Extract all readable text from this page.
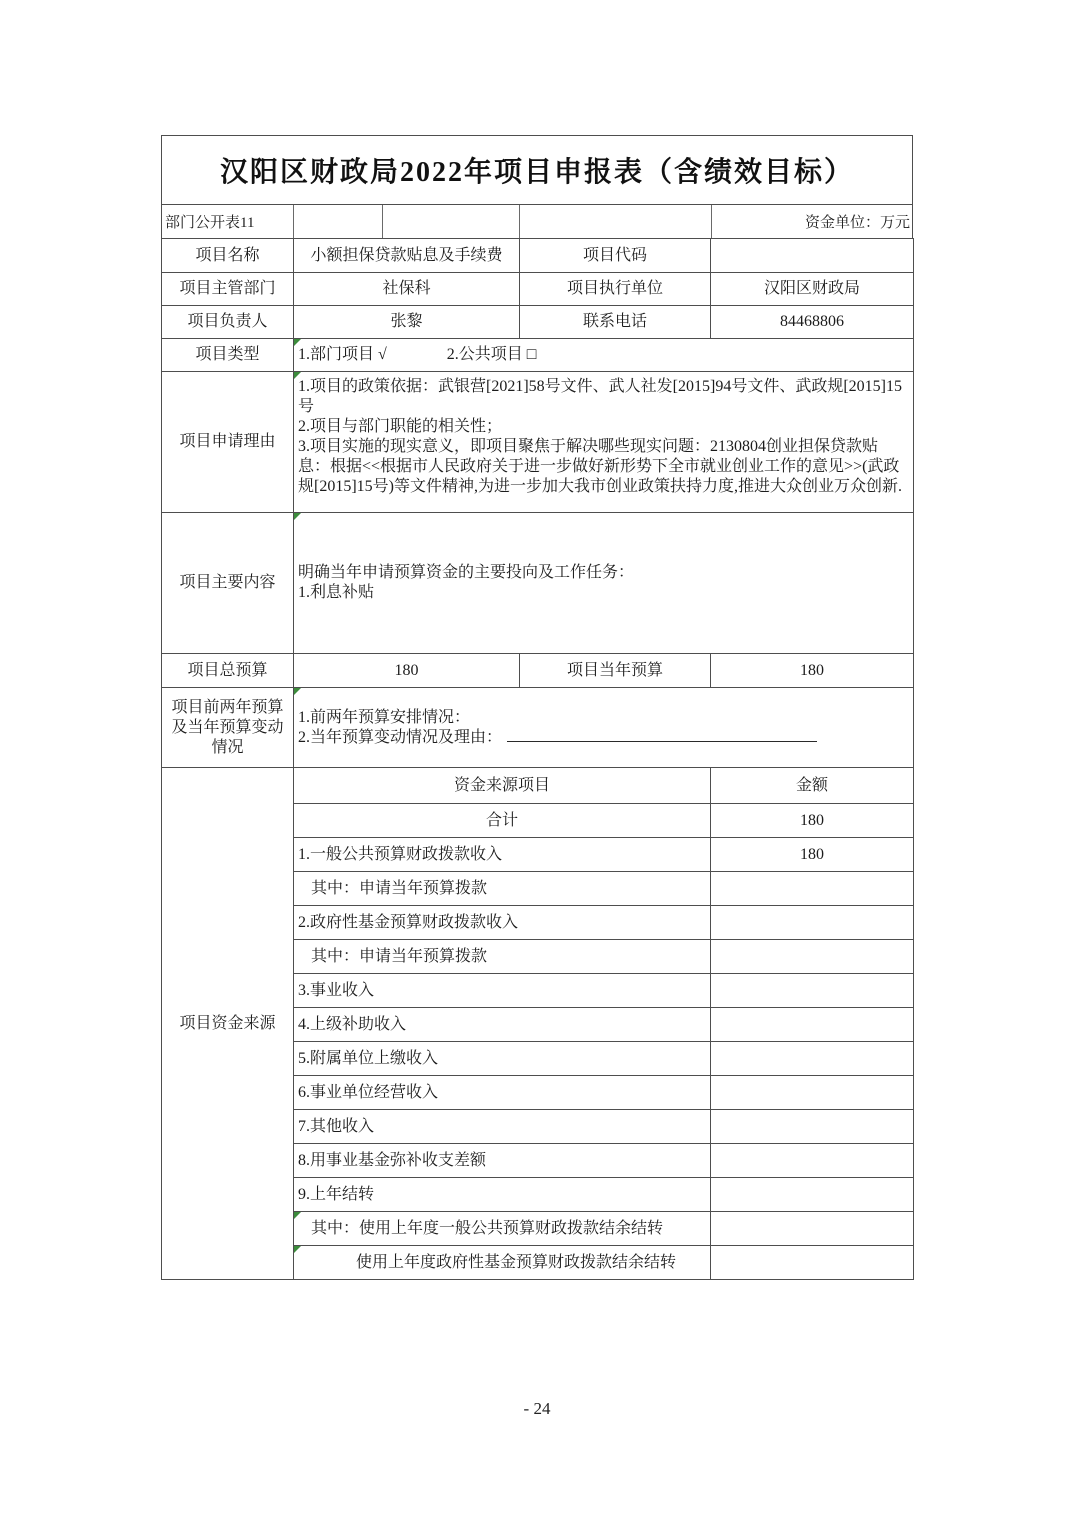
汉阳区财政局2022年项目申报表（含绩效目标）
部门公开表11	资金单位：万元
项目名称	小额担保贷款贴息及手续费	项目代码	
项目主管部门	社保科	项目执行单位	汉阳区财政局
项目负责人	张黎	联系电话	84468806
项目类型	1.部门项目 √ 2.公共项目 □		
项目申请理由	1.项目的政策依据：武银营[2021]58号文件、武人社发[2015]94号文件、武政规[2015]15号
2.项目与部门职能的相关性；
3.项目实施的现实意义，即项目聚焦于解决哪些现实问题：2130804创业担保贷款贴息：根据<<根据市人民政府关于进一步做好新形势下全市就业创业工作的意见>>(武政规[2015]15号)等文件精神,为进一步加大我市创业政策扶持力度,推进大众创业万众创新.		

项目主要内容	明确当年申请预算资金的主要投向及工作任务：
1.利息补贴		

项目总预算	180	项目当年预算	180
项目前两年预算及当年预算变动情况	1.前两年预算安排情况：
2.当年预算变动情况及理由：		

项目资金来源	资金来源项目		金额
	合计		180
	1.一般公共预算财政拨款收入		180
	其中：申请当年预算拨款		
	2.政府性基金预算财政拨款收入		
	其中：申请当年预算拨款		
	3.事业收入		
	4.上级补助收入		
	5.附属单位上缴收入		
	6.事业单位经营收入		
	7.其他收入		
	8.用事业基金弥补收支差额		
	9.上年结转		

其中：使用上年度一般公共预算财政拨款结余结转		

使用上年度政府性基金预算财政拨款结余结转		
- 24
